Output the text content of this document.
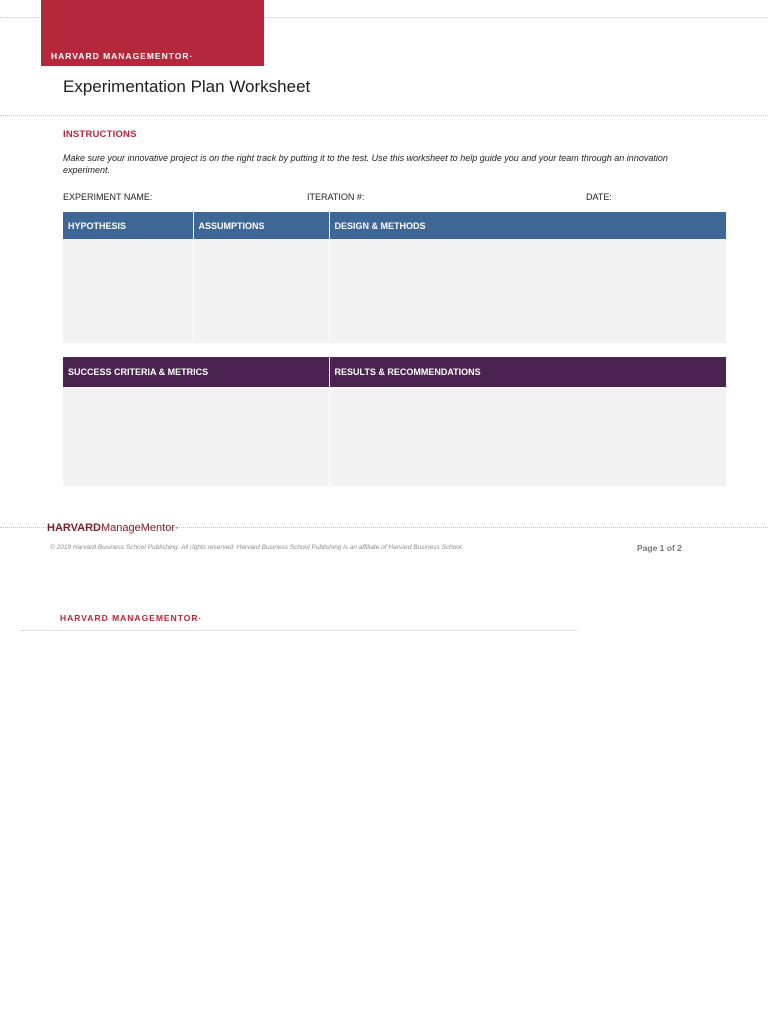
HARVARD MANAGEMENTOR·
Experimentation Plan Worksheet
INSTRUCTIONS
Make sure your innovative project is on the right track by putting it to the test. Use this worksheet to help guide you and your team through an innovation experiment.
EXPERIMENT NAME:	ITERATION #:	DATE:
HYPOTHESIS	ASSUMPTIONS	DESIGN & METHODS

SUCCESS CRITERIA & METRICS	RESULTS & RECOMMENDATIONS

HARVARDManageMentor·
© 2019 Harvard Business School Publishing. All rights reserved. Harvard Business School Publishing is an affiliate of Harvard Business School.	Page 1 of 2
HARVARD MANAGEMENTOR·
